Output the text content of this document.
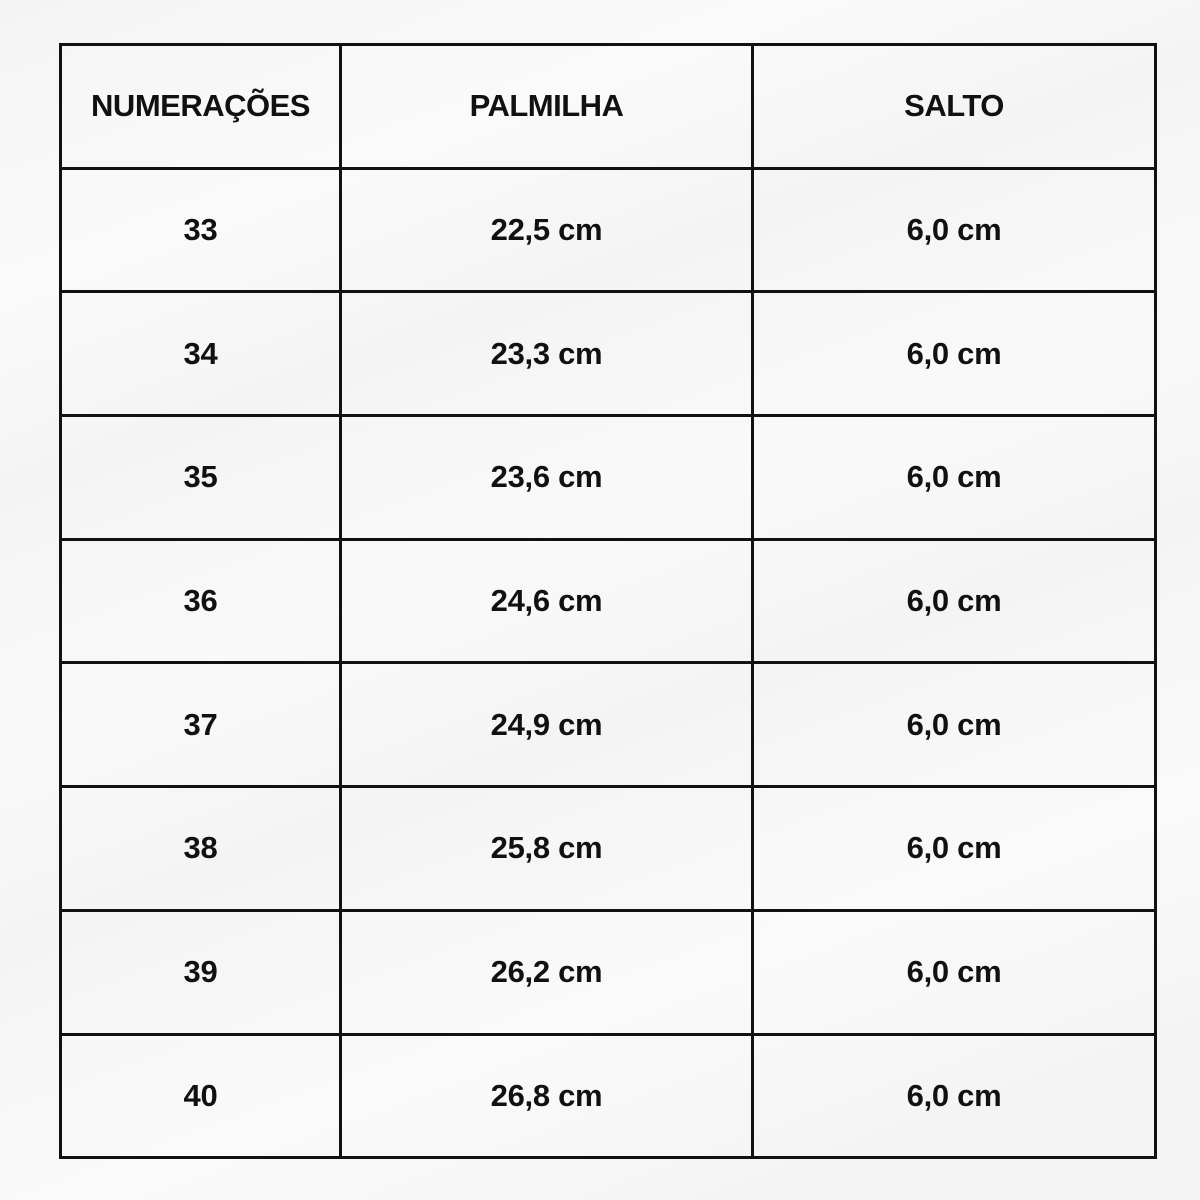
NUMERAÇÕES	PALMILHA	SALTO
33	22,5 cm	6,0 cm
34	23,3 cm	6,0 cm
35	23,6 cm	6,0 cm
36	24,6 cm	6,0 cm
37	24,9 cm	6,0 cm
38	25,8 cm	6,0 cm
39	26,2 cm	6,0 cm
40	26,8 cm	6,0 cm
